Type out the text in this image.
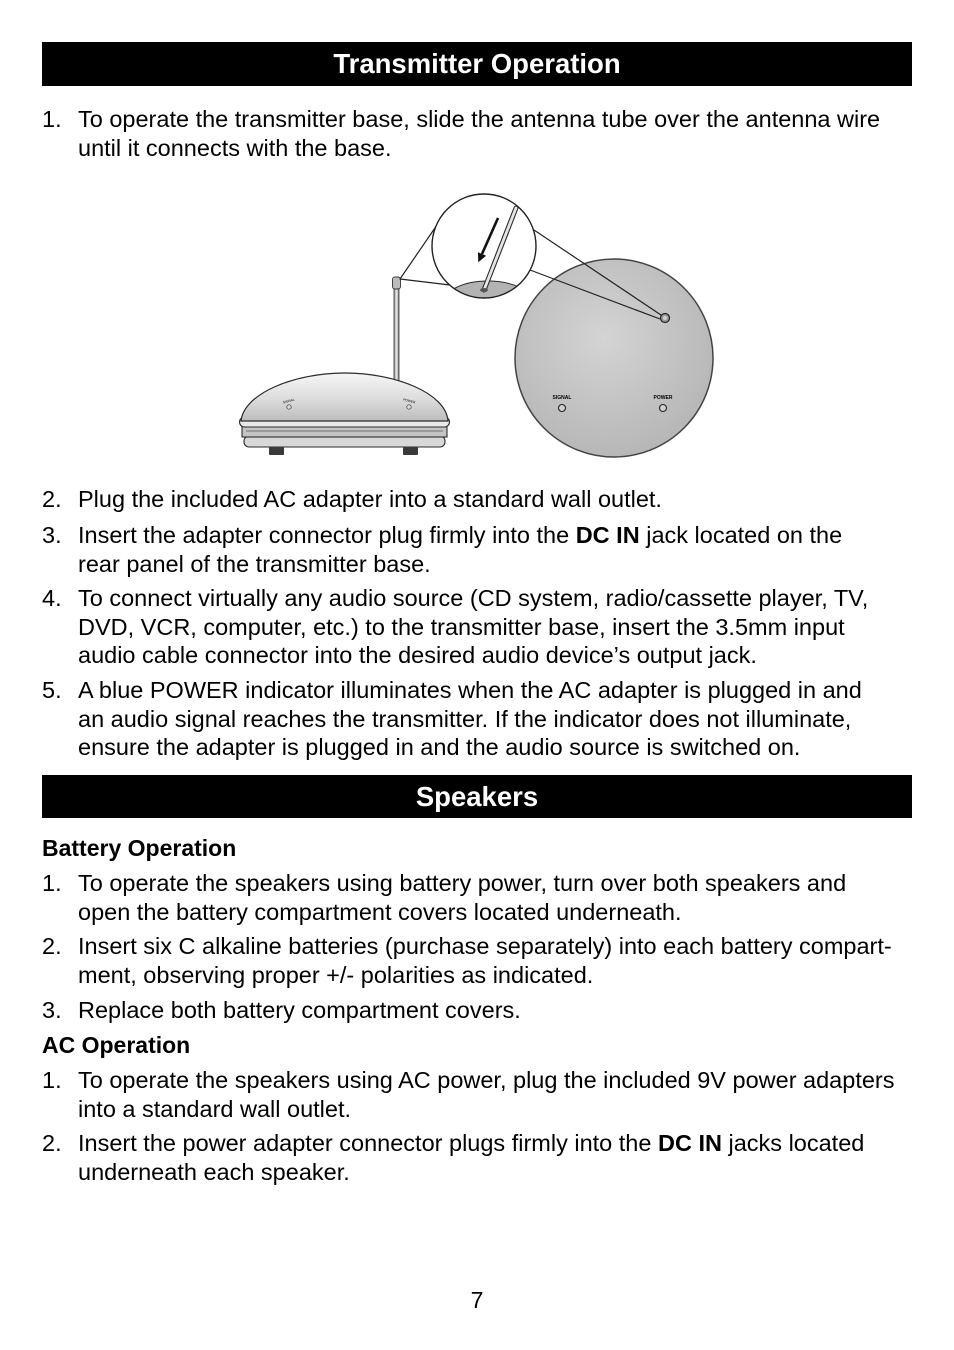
Transmitter Operation
1. To operate the transmitter base, slide the antenna tube over the antenna wire
until it connects with the base.
SIGNAL	POWER	SIGNAL	POWER
2. Plug the included AC adapter into a standard wall outlet.
3. Insert the adapter connector plug firmly into the DC IN jack located on the
rear panel of the transmitter base.
4. To connect virtually any audio source (CD system, radio/cassette player, TV,
DVD, VCR, computer, etc.) to the transmitter base, insert the 3.5mm input
audio cable connector into the desired audio device’s output jack.
5. A blue POWER indicator illuminates when the AC adapter is plugged in and
an audio signal reaches the transmitter. If the indicator does not illuminate,
ensure the adapter is plugged in and the audio source is switched on.
Speakers
Battery Operation
1. To operate the speakers using battery power, turn over both speakers and
open the battery compartment covers located underneath.
2. Insert six C alkaline batteries (purchase separately) into each battery compart-
ment, observing proper +/- polarities as indicated.
3. Replace both battery compartment covers.
AC Operation
1. To operate the speakers using AC power, plug the included 9V power adapters
into a standard wall outlet.
2. Insert the power adapter connector plugs firmly into the DC IN jacks located
underneath each speaker.
7
